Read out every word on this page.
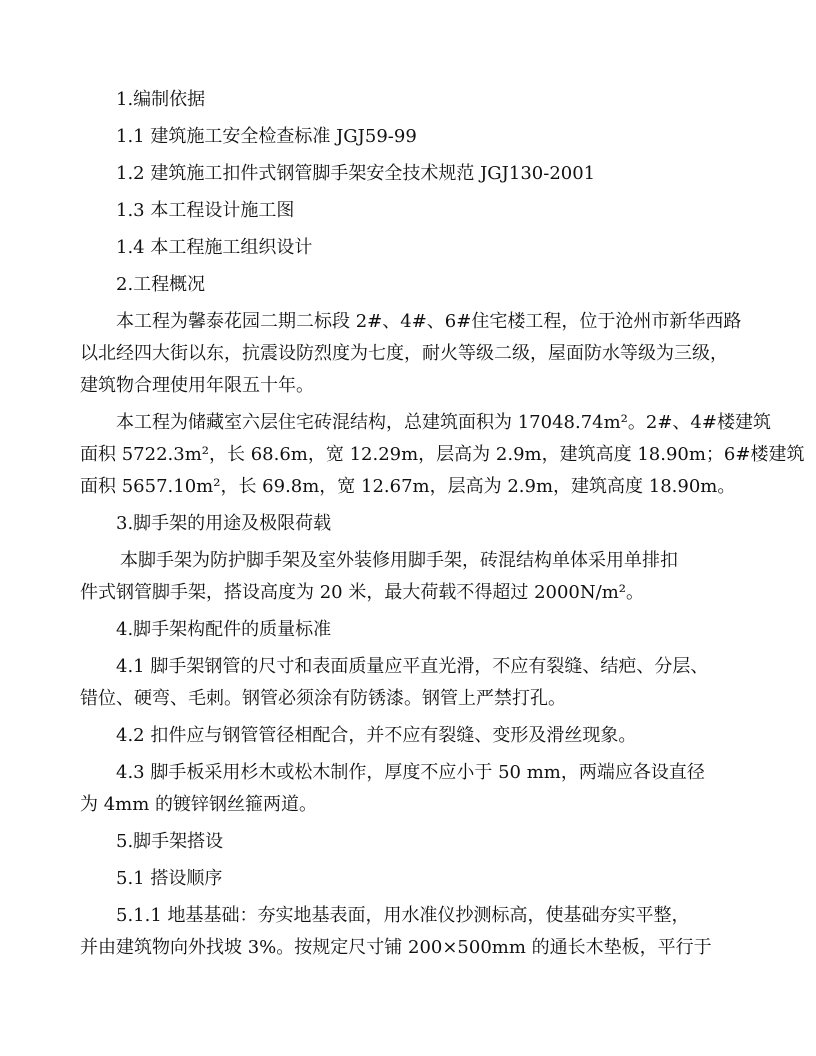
1.编制依据
1.1 建筑施工安全检查标准 JGJ59-99
1.2 建筑施工扣件式钢管脚手架安全技术规范 JGJ130-2001
1.3 本工程设计施工图
1.4 本工程施工组织设计
2.工程概况
本工程为馨泰花园二期二标段 2#、4#、6#住宅楼工程，位于沧州市新华西路
以北经四大街以东，抗震设防烈度为七度，耐火等级二级，屋面防水等级为三级，
建筑物合理使用年限五十年。
本工程为储藏室六层住宅砖混结构，总建筑面积为 17048.74m²。2#、4#楼建筑
面积 5722.3m²，长 68.6m，宽 12.29m，层高为 2.9m，建筑高度 18.90m；6#楼建筑
面积 5657.10m²，长 69.8m，宽 12.67m，层高为 2.9m，建筑高度 18.90m。
3.脚手架的用途及极限荷载
本脚手架为防护脚手架及室外装修用脚手架，砖混结构单体采用单排扣
件式钢管脚手架，搭设高度为 20 米，最大荷载不得超过 2000N/m²。
4.脚手架构配件的质量标准
4.1 脚手架钢管的尺寸和表面质量应平直光滑，不应有裂缝、结疤、分层、
错位、硬弯、毛刺。钢管必须涂有防锈漆。钢管上严禁打孔。
4.2 扣件应与钢管管径相配合，并不应有裂缝、变形及滑丝现象。
4.3 脚手板采用杉木或松木制作，厚度不应小于 50 mm，两端应各设直径
为 4mm 的镀锌钢丝箍两道。
5.脚手架搭设
5.1 搭设顺序
5.1.1 地基基础：夯实地基表面，用水准仪抄测标高，使基础夯实平整，
并由建筑物向外找坡 3%。按规定尺寸铺 200×500mm 的通长木垫板，平行于
